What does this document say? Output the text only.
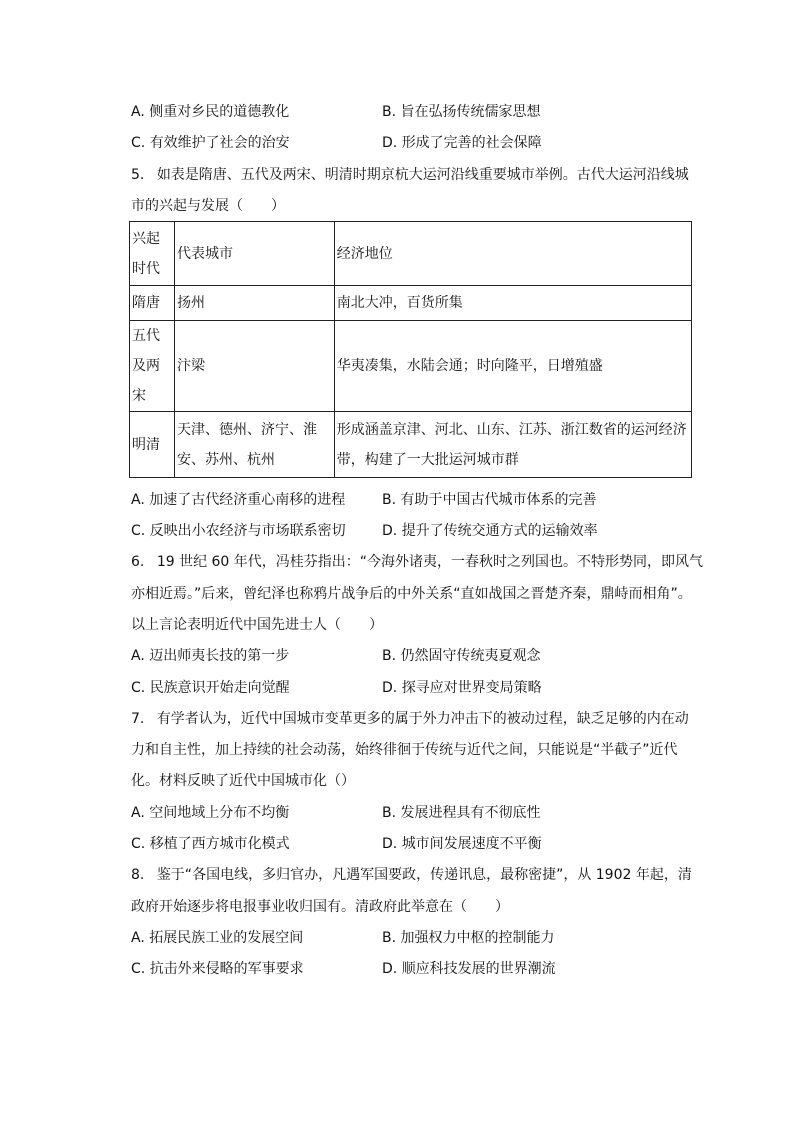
A. 侧重对乡民的道德教化	B. 旨在弘扬传统儒家思想
C. 有效维护了社会的治安	D. 形成了完善的社会保障
5. 如表是隋唐、五代及两宋、明清时期京杭大运河沿线重要城市举例。古代大运河沿线城
市的兴起与发展（　　）
兴起时代	代表城市	经济地位
隋唐	扬州	南北大冲，百货所集
五代及两宋	汴梁	华夷凑集，水陆会通；时向隆平，日增殖盛
明清	天津、德州、济宁、淮安、苏州、杭州	形成涵盖京津、河北、山东、江苏、浙江数省的运河经济带，构建了一大批运河城市群
A. 加速了古代经济重心南移的进程	B. 有助于中国古代城市体系的完善
C. 反映出小农经济与市场联系密切	D. 提升了传统交通方式的运输效率
6. 19 世纪 60 年代，冯桂芬指出：“今海外诸夷，一春秋时之列国也。不特形势同，即风气
亦相近焉。”后来，曾纪泽也称鸦片战争后的中外关系“直如战国之晋楚齐秦，鼎峙而相角”。
以上言论表明近代中国先进士人（　　）
A. 迈出师夷长技的第一步	B. 仍然固守传统夷夏观念
C. 民族意识开始走向觉醒	D. 探寻应对世界变局策略
7. 有学者认为，近代中国城市变革更多的属于外力冲击下的被动过程，缺乏足够的内在动
力和自主性，加上持续的社会动荡，始终徘徊于传统与近代之间，只能说是“半截子”近代
化。材料反映了近代中国城市化（）
A. 空间地域上分布不均衡	B. 发展进程具有不彻底性
C. 移植了西方城市化模式	D. 城市间发展速度不平衡
8. 鉴于“各国电线，多归官办，凡遇军国要政，传递讯息，最称密捷”，从 1902 年起，清
政府开始逐步将电报事业收归国有。清政府此举意在（　　）
A. 拓展民族工业的发展空间	B. 加强权力中枢的控制能力
C. 抗击外来侵略的军事要求	D. 顺应科技发展的世界潮流
